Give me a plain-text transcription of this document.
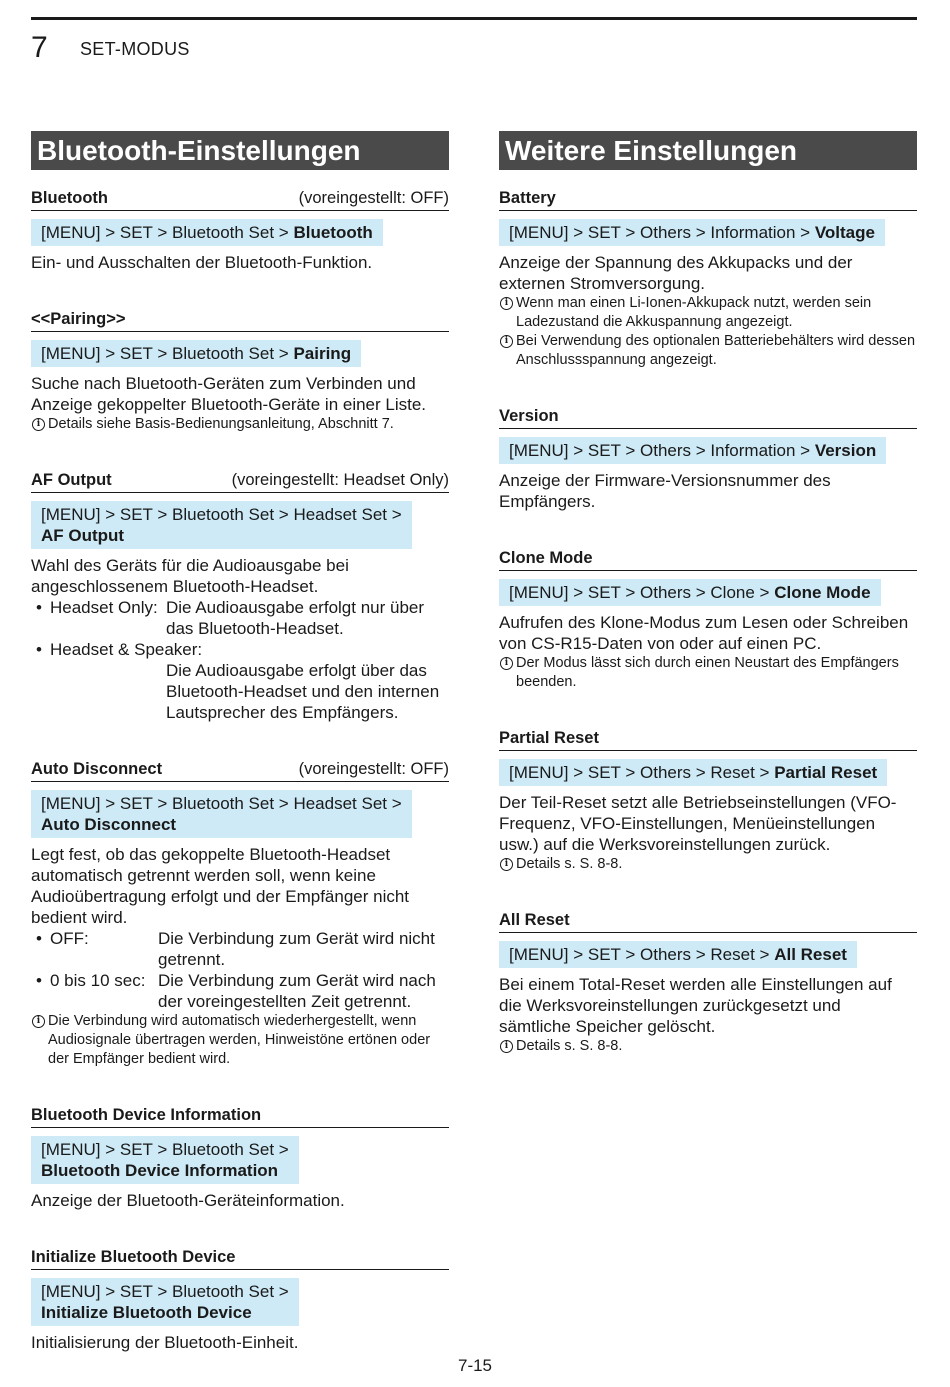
7 SET-MODUS
Bluetooth-Einstellungen
Bluetooth	(voreingestellt: OFF)
[MENU] > SET > Bluetooth Set > Bluetooth

Ein- und Ausschalten der Bluetooth-Funktion.

<<Pairing>>
[MENU] > SET > Bluetooth Set > Pairing

Suche nach Bluetooth-Geräten zum Verbinden und Anzeige gekoppelter Bluetooth-Geräte in einer Liste.

i Details siehe Basis-Bedienungsanleitung, Abschnitt 7.

AF Output	(voreingestellt: Headset Only)
[MENU] > SET > Bluetooth Set > Headset Set >
AF Output

Wahl des Geräts für die Audioausgabe bei angeschlossenem Bluetooth-Headset.

• Headset Only: Die Audioausgabe erfolgt nur über das Bluetooth-Headset.
• Headset & Speaker:
Die Audioausgabe erfolgt über das Bluetooth-Headset und den internen Lautsprecher des Empfängers.
Auto Disconnect	(voreingestellt: OFF)
[MENU] > SET > Bluetooth Set > Headset Set >
Auto Disconnect

Legt fest, ob das gekoppelte Bluetooth-Headset automatisch getrennt werden soll, wenn keine Audioübertragung erfolgt und der Empfänger nicht bedient wird.

• OFF:	Die Verbindung zum Gerät wird nicht getrennt.
• 0 bis 10 sec: Die Verbindung zum Gerät wird nach der voreingestellten Zeit getrennt.

i Die Verbindung wird automatisch wiederhergestellt, wenn Audiosignale übertragen werden, Hinweistöne ertönen oder der Empfänger bedient wird.

Bluetooth Device Information
[MENU] > SET > Bluetooth Set >
Bluetooth Device Information

Anzeige der Bluetooth-Geräteinformation.

Initialize Bluetooth Device
[MENU] > SET > Bluetooth Set >
Initialize Bluetooth Device

Initialisierung der Bluetooth-Einheit.

Weitere Einstellungen
Battery
[MENU] > SET > Others > Information > Voltage

Anzeige der Spannung des Akkupacks und der externen Stromversorgung.

i Wenn man einen Li-Ionen-Akkupack nutzt, werden sein Ladezustand die Akkuspannung angezeigt.

i Bei Verwendung des optionalen Batteriebehälters wird dessen Anschlussspannung angezeigt.

Version
[MENU] > SET > Others > Information > Version

Anzeige der Firmware-Versionsnummer des Empfängers.

Clone Mode
[MENU] > SET > Others > Clone > Clone Mode

Aufrufen des Klone-Modus zum Lesen oder Schreiben von CS-R15-Daten von oder auf einen PC.

i Der Modus lässt sich durch einen Neustart des Empfängers beenden.

Partial Reset
[MENU] > SET > Others > Reset > Partial Reset

Der Teil-Reset setzt alle Betriebseinstellungen (VFO-Frequenz, VFO-Einstellungen, Menüeinstellungen usw.) auf die Werksvoreinstellungen zurück.

i Details s. S. 8-8.

All Reset
[MENU] > SET > Others > Reset > All Reset

Bei einem Total-Reset werden alle Einstellungen auf die Werksvoreinstellungen zurückgesetzt und sämtliche Speicher gelöscht.

i Details s. S. 8-8.

7-15
